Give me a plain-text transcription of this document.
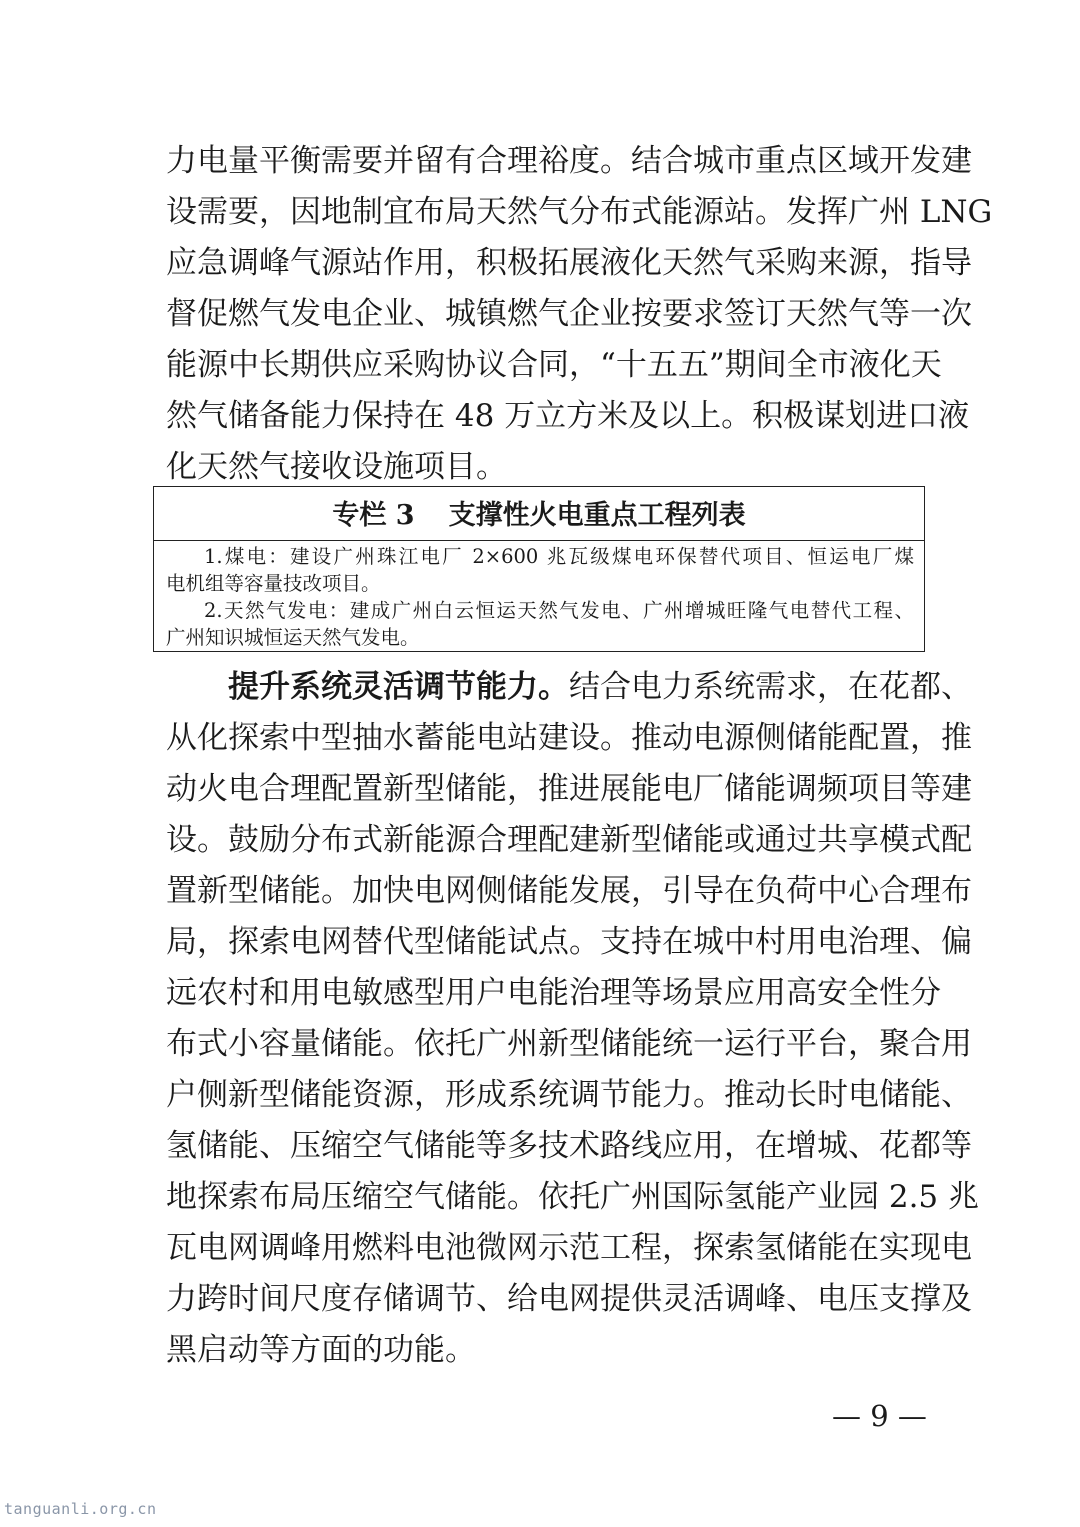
力电量平衡需要并留有合理裕度。结合城市重点区域开发建
设需要，因地制宜布局天然气分布式能源站。发挥广州 LNG
应急调峰气源站作用，积极拓展液化天然气采购来源，指导
督促燃气发电企业、城镇燃气企业按要求签订天然气等一次
能源中长期供应采购协议合同，“十五五”期间全市液化天
然气储备能力保持在 48 万立方米及以上。积极谋划进口液
化天然气接收设施项目。
专栏 3 支撑性火电重点工程列表
1.煤电：建设广州珠江电厂 2×600 兆瓦级煤电环保替代项目、恒运电厂煤
电机组等容量技改项目。
2.天然气发电：建成广州白云恒运天然气发电、广州增城旺隆气电替代工程、
广州知识城恒运天然气发电。
提升系统灵活调节能力。结合电力系统需求，在花都、
从化探索中型抽水蓄能电站建设。推动电源侧储能配置，推
动火电合理配置新型储能，推进展能电厂储能调频项目等建
设。鼓励分布式新能源合理配建新型储能或通过共享模式配
置新型储能。加快电网侧储能发展，引导在负荷中心合理布
局，探索电网替代型储能试点。支持在城中村用电治理、偏
远农村和用电敏感型用户电能治理等场景应用高安全性分
布式小容量储能。依托广州新型储能统一运行平台，聚合用
户侧新型储能资源，形成系统调节能力。推动长时电储能、
氢储能、压缩空气储能等多技术路线应用，在增城、花都等
地探索布局压缩空气储能。依托广州国际氢能产业园 2.5 兆
瓦电网调峰用燃料电池微网示范工程，探索氢储能在实现电
力跨时间尺度存储调节、给电网提供灵活调峰、电压支撑及
黑启动等方面的功能。
— 9 —
tanguanli.org.cn
